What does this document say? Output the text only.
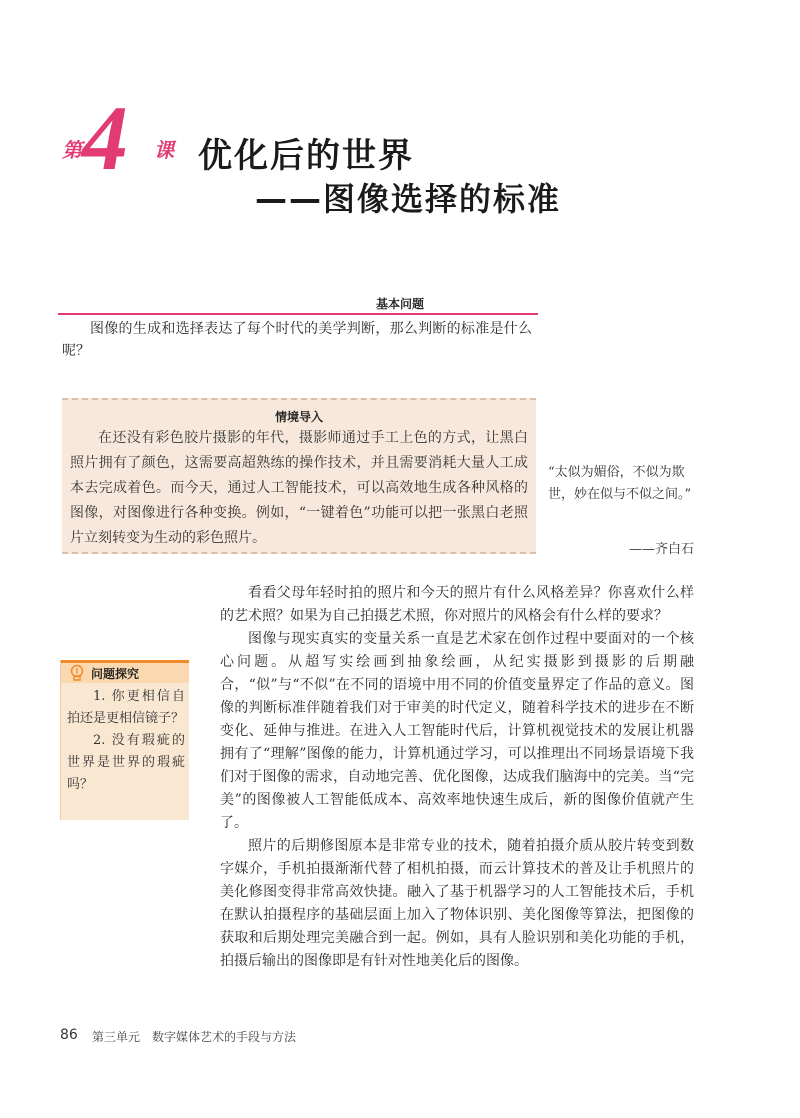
第 4 课 优化后的世界
——图像选择的标准
基本问题
图像的生成和选择表达了每个时代的美学判断，那么判断的标准是什么呢？
情境导入
在还没有彩色胶片摄影的年代，摄影师通过手工上色的方式，让黑白照片拥有了颜色，这需要高超熟练的操作技术，并且需要消耗大量人工成本去完成着色。而今天，通过人工智能技术，可以高效地生成各种风格的图像，对图像进行各种变换。例如，“一键着色”功能可以把一张黑白老照片立刻转变为生动的彩色照片。
“太似为媚俗，不似为欺世，妙在似与不似之间。”
——齐白石
问题探究
1. 你更相信自拍还是更相信镜子？
2. 没有瑕疵的世界是世界的瑕疵吗？

看看父母年轻时拍的照片和今天的照片有什么风格差异？你喜欢什么样的艺术照？如果为自己拍摄艺术照，你对照片的风格会有什么样的要求？

图像与现实真实的变量关系一直是艺术家在创作过程中要面对的一个核心问题。从超写实绘画到抽象绘画，从纪实摄影到摄影的后期融合，“似”与“不似”在不同的语境中用不同的价值变量界定了作品的意义。图像的判断标准伴随着我们对于审美的时代定义，随着科学技术的进步在不断变化、延伸与推进。在进入人工智能时代后，计算机视觉技术的发展让机器拥有了“理解”图像的能力，计算机通过学习，可以推理出不同场景语境下我们对于图像的需求，自动地完善、优化图像，达成我们脑海中的完美。当“完美”的图像被人工智能低成本、高效率地快速生成后，新的图像价值就产生了。

照片的后期修图原本是非常专业的技术，随着拍摄介质从胶片转变到数字媒介，手机拍摄渐渐代替了相机拍摄，而云计算技术的普及让手机照片的美化修图变得非常高效快捷。融入了基于机器学习的人工智能技术后，手机在默认拍摄程序的基础层面上加入了物体识别、美化图像等算法，把图像的获取和后期处理完美融合到一起。例如，具有人脸识别和美化功能的手机，拍摄后输出的图像即是有针对性地美化后的图像。

86 第三单元　数字媒体艺术的手段与方法
